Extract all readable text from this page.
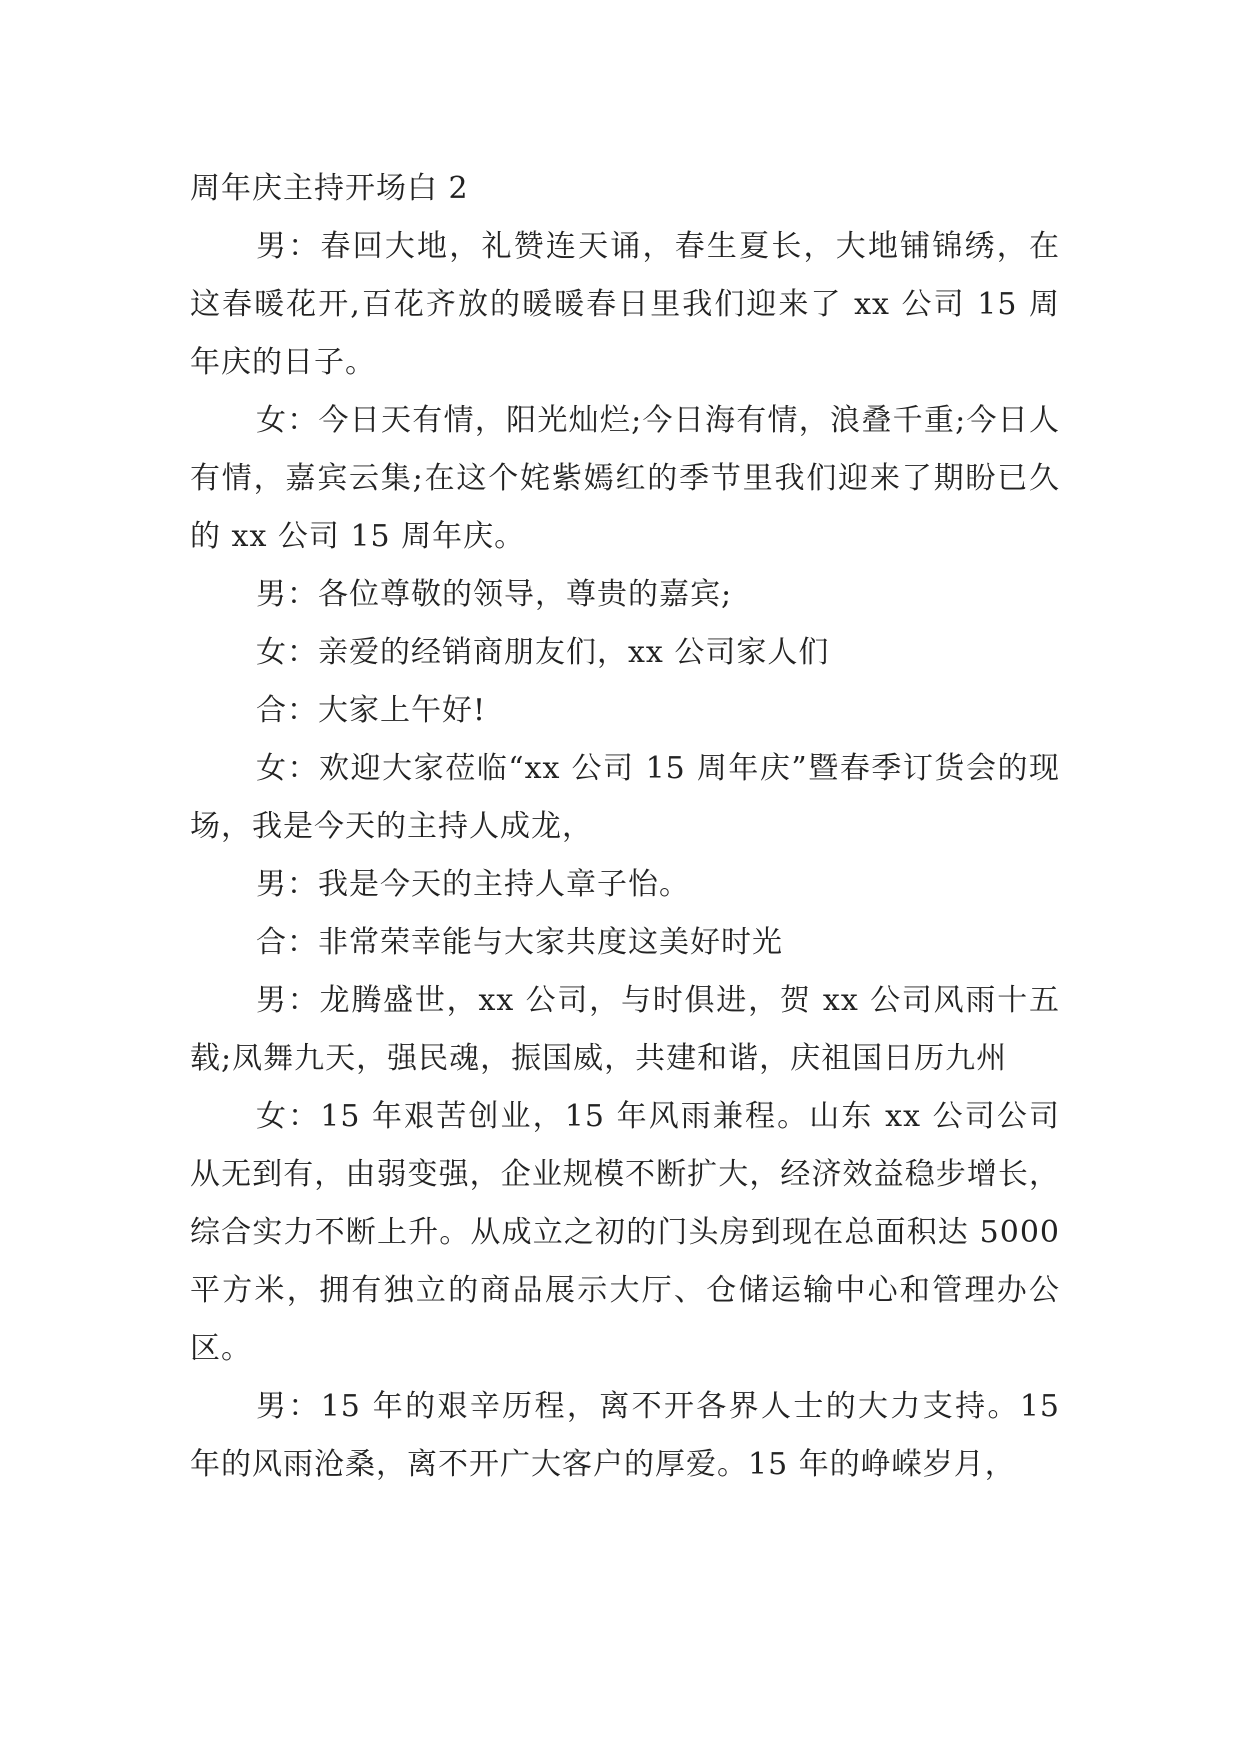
周年庆主持开场白 2

男：春回大地，礼赞连天诵，春生夏长，大地铺锦绣，在这春暖花开,百花齐放的暖暖春日里我们迎来了 xx 公司 15 周年庆的日子。

女：今日天有情，阳光灿烂;今日海有情，浪叠千重;今日人有情，嘉宾云集;在这个姹紫嫣红的季节里我们迎来了期盼已久的 xx 公司 15 周年庆。

男：各位尊敬的领导，尊贵的嘉宾;

女：亲爱的经销商朋友们，xx 公司家人们

合：大家上午好!

女：欢迎大家莅临“xx 公司 15 周年庆”暨春季订货会的现场，我是今天的主持人成龙，

男：我是今天的主持人章子怡。

合：非常荣幸能与大家共度这美好时光

男：龙腾盛世，xx 公司，与时俱进，贺 xx 公司风雨十五载;凤舞九天，强民魂，振国威，共建和谐，庆祖国日历九州

女：15 年艰苦创业，15 年风雨兼程。山东 xx 公司公司从无到有，由弱变强，企业规模不断扩大，经济效益稳步增长，综合实力不断上升。从成立之初的门头房到现在总面积达 5000 平方米，拥有独立的商品展示大厅、仓储运输中心和管理办公区。

男：15 年的艰辛历程，离不开各界人士的大力支持。15 年的风雨沧桑，离不开广大客户的厚爱。15 年的峥嵘岁月，
